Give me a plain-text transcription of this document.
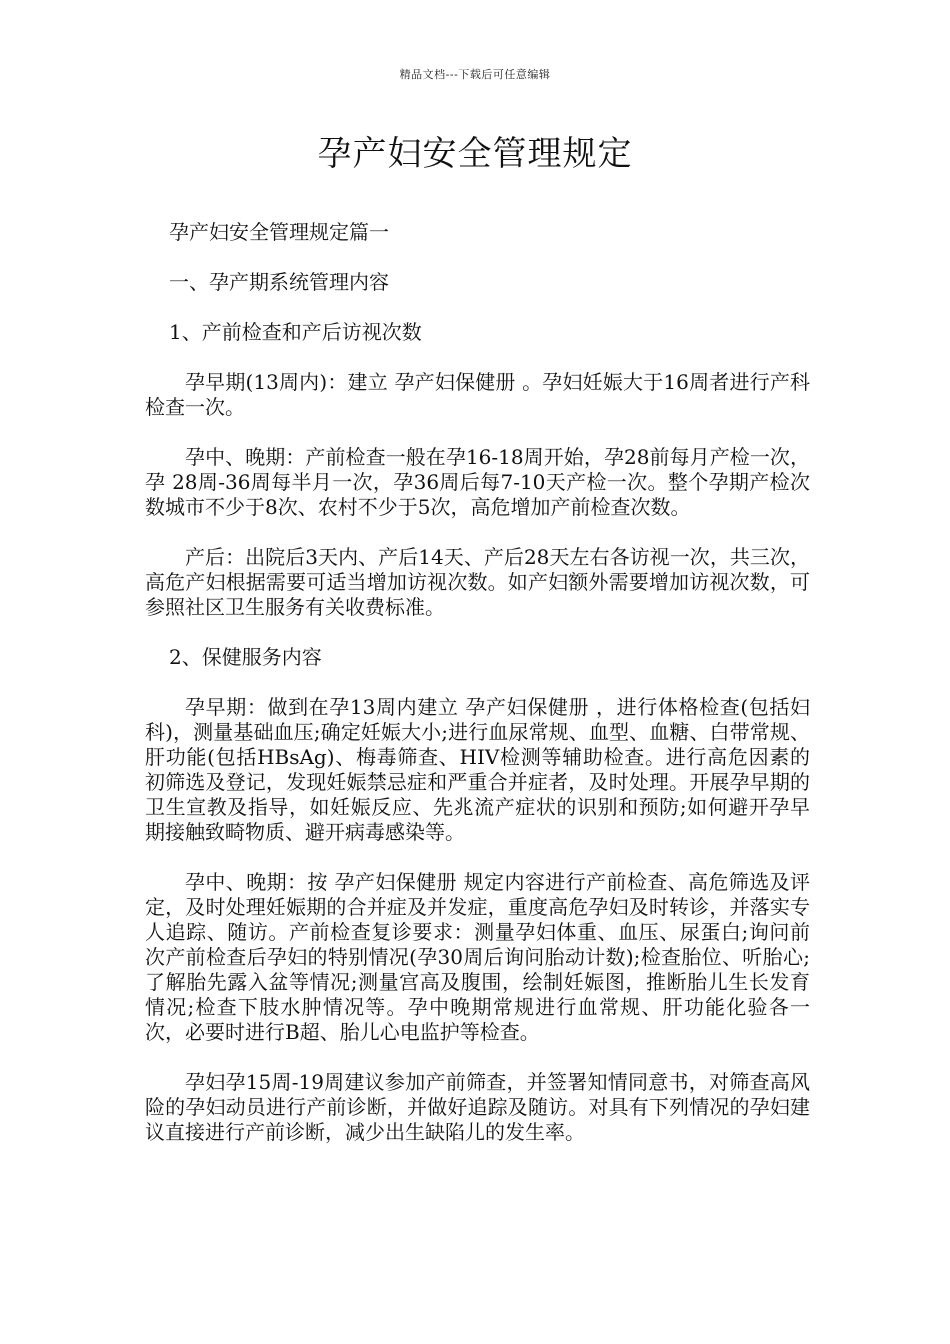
精品文档---下载后可任意编辑
孕产妇安全管理规定

孕产妇安全管理规定篇一

一、孕产期系统管理内容

1、产前检查和产后访视次数

孕早期(13周内)：建立 孕产妇保健册 。孕妇妊娠大于16周者进行产科检查一次。

孕中、晚期：产前检查一般在孕16-18周开始，孕28前每月产检一次，孕 28周-36周每半月一次，孕36周后每7-10天产检一次。整个孕期产检次数城市不少于8次、农村不少于5次，高危增加产前检查次数。

产后：出院后3天内、产后14天、产后28天左右各访视一次，共三次，高危产妇根据需要可适当增加访视次数。如产妇额外需要增加访视次数，可参照社区卫生服务有关收费标准。

2、保健服务内容

孕早期：做到在孕13周内建立 孕产妇保健册 ，进行体格检查(包括妇科)，测量基础血压;确定妊娠大小;进行血尿常规、血型、血糖、白带常规、肝功能(包括HBsAg)、梅毒筛查、HIV检测等辅助检查。进行高危因素的初筛选及登记，发现妊娠禁忌症和严重合并症者，及时处理。开展孕早期的卫生宣教及指导，如妊娠反应、先兆流产症状的识别和预防;如何避开孕早期接触致畸物质、避开病毒感染等。

孕中、晚期：按 孕产妇保健册 规定内容进行产前检查、高危筛选及评定，及时处理妊娠期的合并症及并发症，重度高危孕妇及时转诊，并落实专人追踪、随访。产前检查复诊要求：测量孕妇体重、血压、尿蛋白;询问前次产前检查后孕妇的特别情况(孕30周后询问胎动计数);检查胎位、听胎心;了解胎先露入盆等情况;测量宫高及腹围，绘制妊娠图，推断胎儿生长发育情况;检查下肢水肿情况等。孕中晚期常规进行血常规、肝功能化验各一次，必要时进行B超、胎儿心电监护等检查。

孕妇孕15周-19周建议参加产前筛查，并签署知情同意书，对筛查高风险的孕妇动员进行产前诊断，并做好追踪及随访。对具有下列情况的孕妇建议直接进行产前诊断，减少出生缺陷儿的发生率。
